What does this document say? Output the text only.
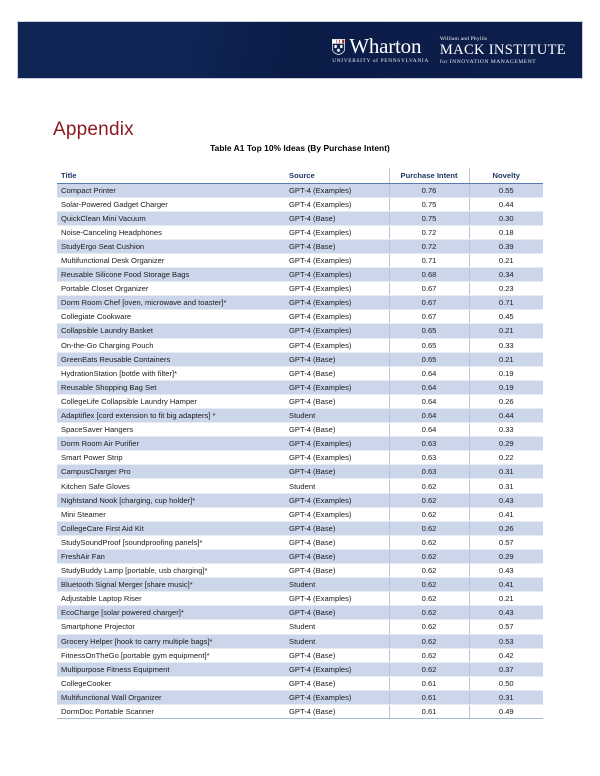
Wharton
UNIVERSITY of PENNSYLVANIA
William and Phyllis
MACK INSTITUTE
for INNOVATION MANAGEMENT
Appendix
Table A1 Top 10% Ideas (By Purchase Intent)
Title	Source	Purchase Intent	Novelty
Compact Printer	GPT-4 (Examples)	0.76	0.55
Solar-Powered Gadget Charger	GPT-4 (Examples)	0.75	0.44
QuickClean Mini Vacuum	GPT-4 (Base)	0.75	0.30
Noise-Canceling Headphones	GPT-4 (Examples)	0.72	0.18
StudyErgo Seat Cushion	GPT-4 (Base)	0.72	0.39
Multifunctional Desk Organizer	GPT-4 (Examples)	0.71	0.21
Reusable Silicone Food Storage Bags	GPT-4 (Examples)	0.68	0.34
Portable Closet Organizer	GPT-4 (Examples)	0.67	0.23
Dorm Room Chef [oven, microwave and toaster]*	GPT-4 (Examples)	0.67	0.71
Collegiate Cookware	GPT-4 (Examples)	0.67	0.45
Collapsible Laundry Basket	GPT-4 (Examples)	0.65	0.21
On-the-Go Charging Pouch	GPT-4 (Examples)	0.65	0.33
GreenEats Reusable Containers	GPT-4 (Base)	0.65	0.21
HydrationStation [bottle with filter]*	GPT-4 (Base)	0.64	0.19
Reusable Shopping Bag Set	GPT-4 (Examples)	0.64	0.19
CollegeLife Collapsible Laundry Hamper	GPT-4 (Base)	0.64	0.26
Adaptiflex [cord extension to fit big adapters] *	Student	0.64	0.44
SpaceSaver Hangers	GPT-4 (Base)	0.64	0.33
Dorm Room Air Purifier	GPT-4 (Examples)	0.63	0.29
Smart Power Strip	GPT-4 (Examples)	0.63	0.22
CampusCharger Pro	GPT-4 (Base)	0.63	0.31
Kitchen Safe Gloves	Student	0.62	0.31
Nightstand Nook [charging, cup holder]*	GPT-4 (Examples)	0.62	0.43
Mini Steamer	GPT-4 (Examples)	0.62	0.41
CollegeCare First Aid Kit	GPT-4 (Base)	0.62	0.26
StudySoundProof [soundproofing panels]*	GPT-4 (Base)	0.62	0.57
FreshAir Fan	GPT-4 (Base)	0.62	0.29
StudyBuddy Lamp [portable, usb charging]*	GPT-4 (Base)	0.62	0.43
Bluetooth Signal Merger [share music]*	Student	0.62	0.41
Adjustable Laptop Riser	GPT-4 (Examples)	0.62	0.21
EcoCharge [solar powered charger]*	GPT-4 (Base)	0.62	0.43
Smartphone Projector	Student	0.62	0.57
Grocery Helper [hook to carry multiple bags]*	Student	0.62	0.53
FitnessOnTheGo [portable gym equipment]*	GPT-4 (Base)	0.62	0.42
Multipurpose Fitness Equipment	GPT-4 (Examples)	0.62	0.37
CollegeCooker	GPT-4 (Base)	0.61	0.50
Multifunctional Wall Organizer	GPT-4 (Examples)	0.61	0.31
DormDoc Portable Scanner	GPT-4 (Base)	0.61	0.49
